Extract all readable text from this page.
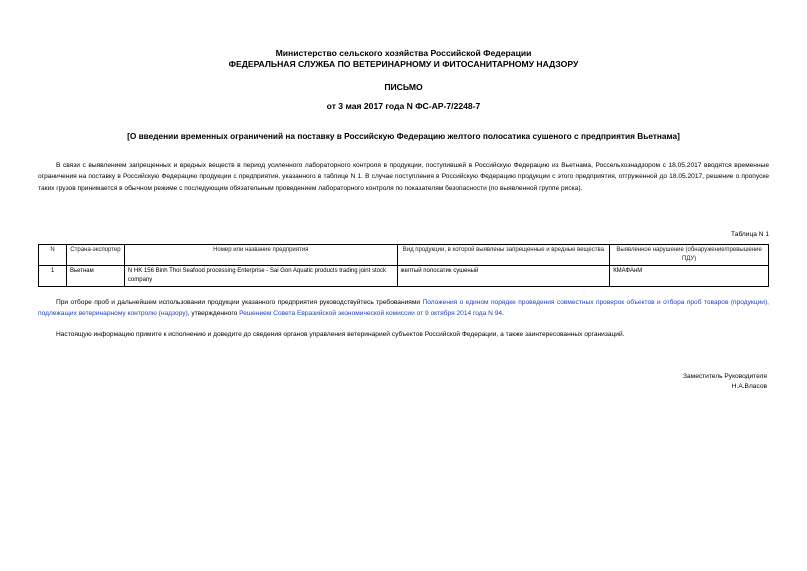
Министерство сельского хозяйства Российской Федерации
ФЕДЕРАЛЬНАЯ СЛУЖБА ПО ВЕТЕРИНАРНОМУ И ФИТОСАНИТАРНОМУ НАДЗОРУ
ПИСЬМО
от 3 мая 2017 года N ФС-АР-7/2248-7
[О введении временных ограничений на поставку в Российскую Федерацию желтого полосатика сушеного с предприятия Вьетнама]
В связи с выявлением запрещенных и вредных веществ в период усиленного лабораторного контроля в продукции, поступившей в Российскую Федерацию из Вьетнама, Россельхознадзором с 18.05.2017 вводятся временные ограничения на поставку в Российскую Федерацию продукции с предприятия, указанного в таблице N 1. В случае поступления в Российскую Федерацию продукции с этого предприятия, отгруженной до 18.05.2017, решение о пропуске таких грузов принимается в обычном режиме с последующим обязательным проведением лабораторного контроля по показателям безопасности (по выявленной группе риска).
Таблица N 1
N	Страна-экспортер	Номер или название предприятия	Вид продукции, в которой выявлены запрещенные и вредные вещества	Выявленное нарушение (обнаружение/превышение ПДУ)
1	Вьетнам	N HK 156 Binh Thoi Seafood processing Enterprise - Sai Gon Aquatic products trading joint stock company	желтый полосатик сушеный	КМАФАнМ
При отборе проб и дальнейшем использовании продукции указанного предприятия руководствуйтесь требованиями Положения о едином порядке проведения совместных проверок объектов и отбора проб товаров (продукции), подлежащих ветеринарному контролю (надзору), утвержденного Решением Совета Евразийской экономической комиссии от 9 октября 2014 года N 94.
Настоящую информацию примите к исполнению и доведите до сведения органов управления ветеринарией субъектов Российской Федерации, а также заинтересованных организаций.
Заместитель Руководителя
Н.А.Власов
